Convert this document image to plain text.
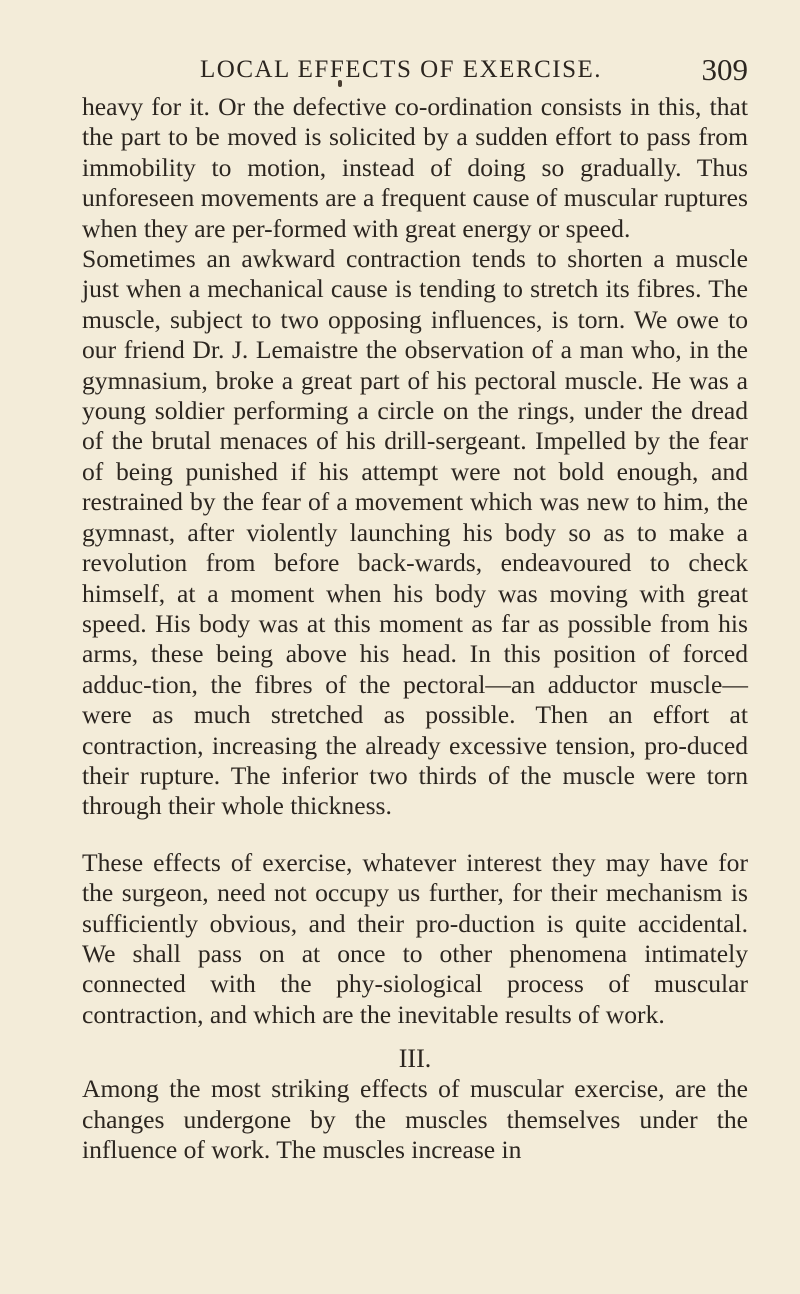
LOCAL EFFECTS OF EXERCISE.	309

heavy for it. Or the defective co-ordination consists in this, that the part to be moved is solicited by a sudden effort to pass from immobility to motion, instead of doing so gradually. Thus unforeseen movements are a frequent cause of muscular ruptures when they are per-formed with great energy or speed.

Sometimes an awkward contraction tends to shorten a muscle just when a mechanical cause is tending to stretch its fibres. The muscle, subject to two opposing influences, is torn. We owe to our friend Dr. J. Lemaistre the observation of a man who, in the gymnasium, broke a great part of his pectoral muscle. He was a young soldier performing a circle on the rings, under the dread of the brutal menaces of his drill-sergeant. Impelled by the fear of being punished if his attempt were not bold enough, and restrained by the fear of a movement which was new to him, the gymnast, after violently launching his body so as to make a revolution from before back-wards, endeavoured to check himself, at a moment when his body was moving with great speed. His body was at this moment as far as possible from his arms, these being above his head. In this position of forced adduc-tion, the fibres of the pectoral—an adductor muscle—were as much stretched as possible. Then an effort at contraction, increasing the already excessive tension, pro-duced their rupture. The inferior two thirds of the muscle were torn through their whole thickness.

These effects of exercise, whatever interest they may have for the surgeon, need not occupy us further, for their mechanism is sufficiently obvious, and their pro-duction is quite accidental. We shall pass on at once to other phenomena intimately connected with the phy-siological process of muscular contraction, and which are the inevitable results of work.

III.

Among the most striking effects of muscular exercise, are the changes undergone by the muscles themselves under the influence of work. The muscles increase in
